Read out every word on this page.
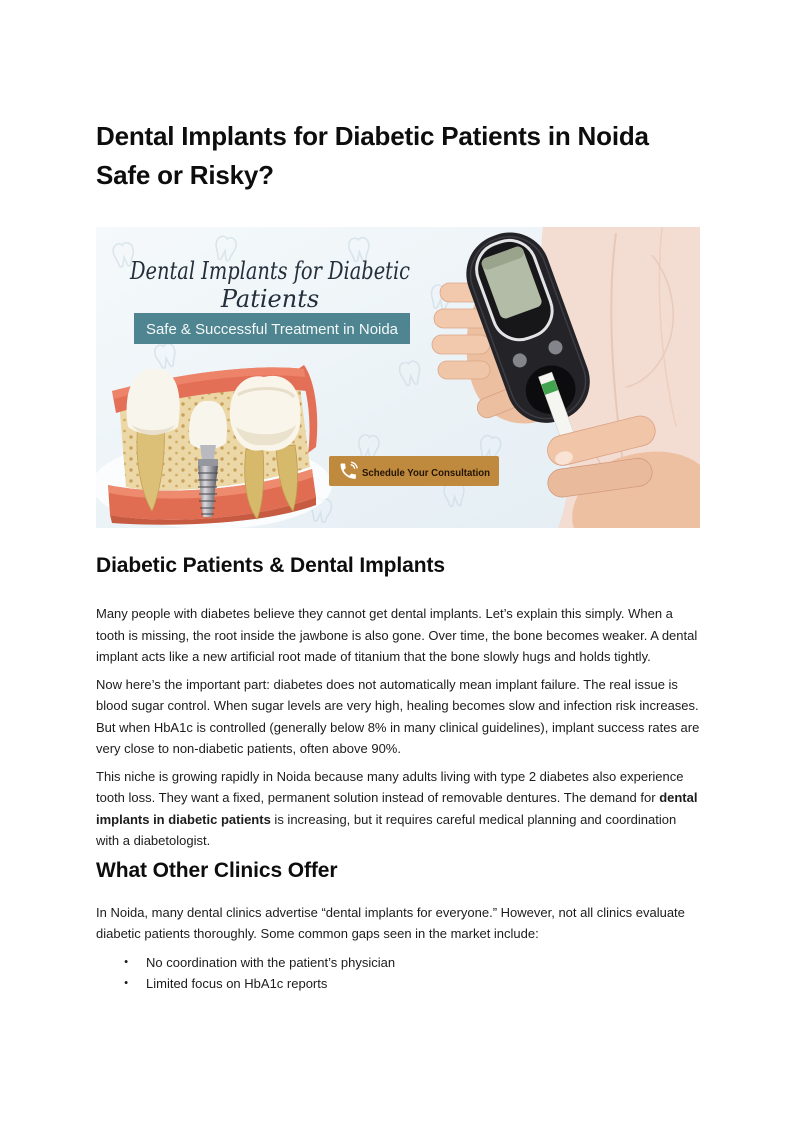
Dental Implants for Diabetic Patients in Noida
Safe or Risky?
Dental Implants for Diabetic
Patients
Safe & Successful Treatment in Noida
Schedule Your Consultation
Diabetic Patients & Dental Implants

Many people with diabetes believe they cannot get dental implants. Let’s explain this simply. When a tooth is missing, the root inside the jawbone is also gone. Over time, the bone becomes weaker. A dental implant acts like a new artificial root made of titanium that the bone slowly hugs and holds tightly.

Now here’s the important part: diabetes does not automatically mean implant failure. The real issue is blood sugar control. When sugar levels are very high, healing becomes slow and infection risk increases. But when HbA1c is controlled (generally below 8% in many clinical guidelines), implant success rates are very close to non-diabetic patients, often above 90%.

This niche is growing rapidly in Noida because many adults living with type 2 diabetes also experience tooth loss. They want a fixed, permanent solution instead of removable dentures. The demand for dental implants in diabetic patients is increasing, but it requires careful medical planning and coordination with a diabetologist.

What Other Clinics Offer

In Noida, many dental clinics advertise “dental implants for everyone.” However, not all clinics evaluate diabetic patients thoroughly. Some common gaps seen in the market include:

● No coordination with the patient’s physician
● Limited focus on HbA1c reports
